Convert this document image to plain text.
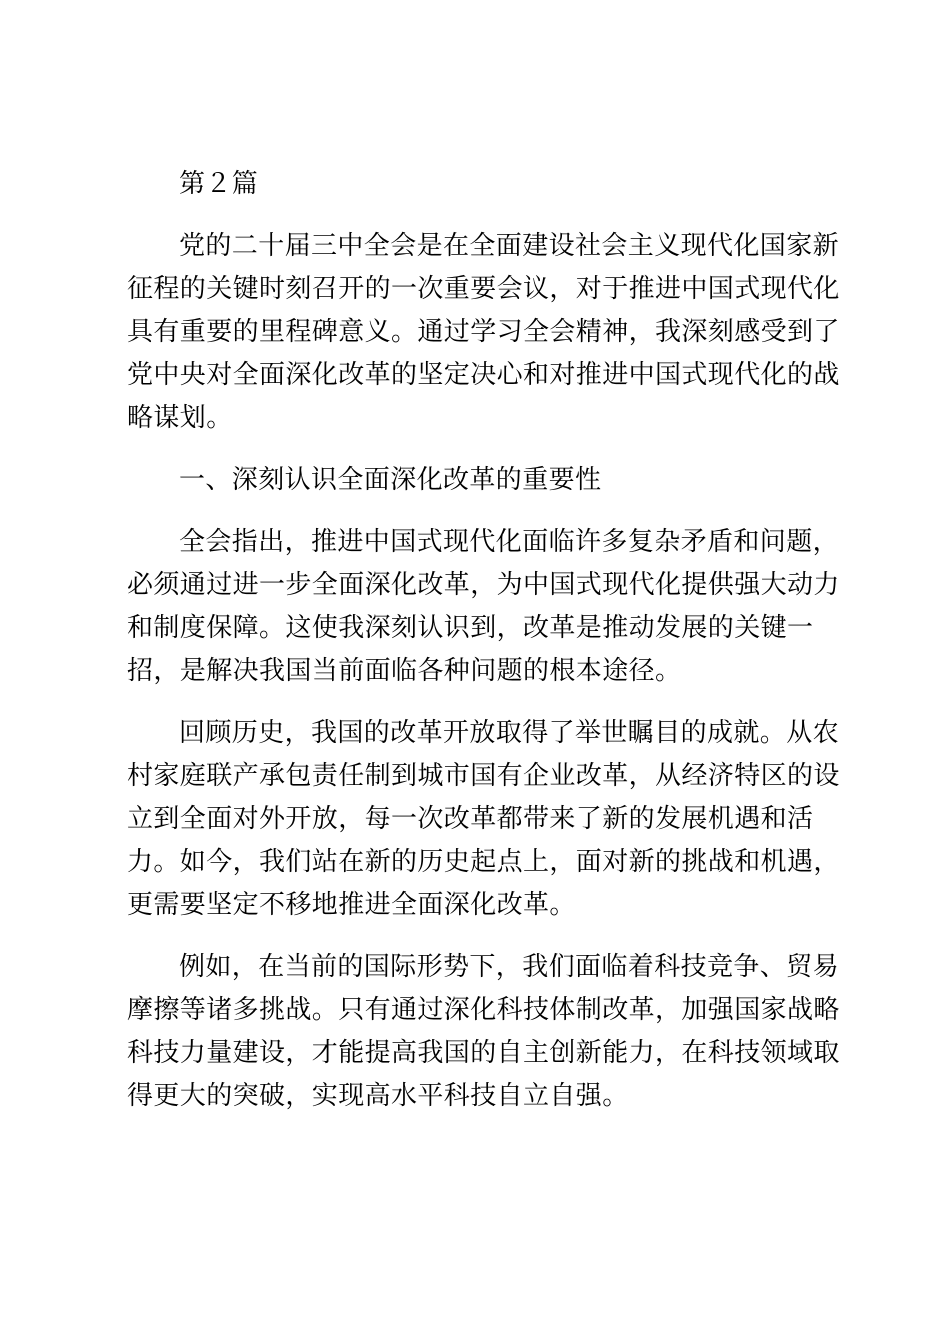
第２篇

党的二十届三中全会是在全面建设社会主义现代化国家新
征程的关键时刻召开的一次重要会议，对于推进中国式现代化
具有重要的里程碑意义。通过学习全会精神，我深刻感受到了
党中央对全面深化改革的坚定决心和对推进中国式现代化的战
略谋划。
一、深刻认识全面深化改革的重要性
全会指出，推进中国式现代化面临许多复杂矛盾和问题，
必须通过进一步全面深化改革，为中国式现代化提供强大动力
和制度保障。这使我深刻认识到，改革是推动发展的关键一
招，是解决我国当前面临各种问题的根本途径。
回顾历史，我国的改革开放取得了举世瞩目的成就。从农
村家庭联产承包责任制到城市国有企业改革，从经济特区的设
立到全面对外开放，每一次改革都带来了新的发展机遇和活
力。如今，我们站在新的历史起点上，面对新的挑战和机遇，
更需要坚定不移地推进全面深化改革。
例如，在当前的国际形势下，我们面临着科技竞争、贸易
摩擦等诸多挑战。只有通过深化科技体制改革，加强国家战略
科技力量建设，才能提高我国的自主创新能力，在科技领域取
得更大的突破，实现高水平科技自立自强。
